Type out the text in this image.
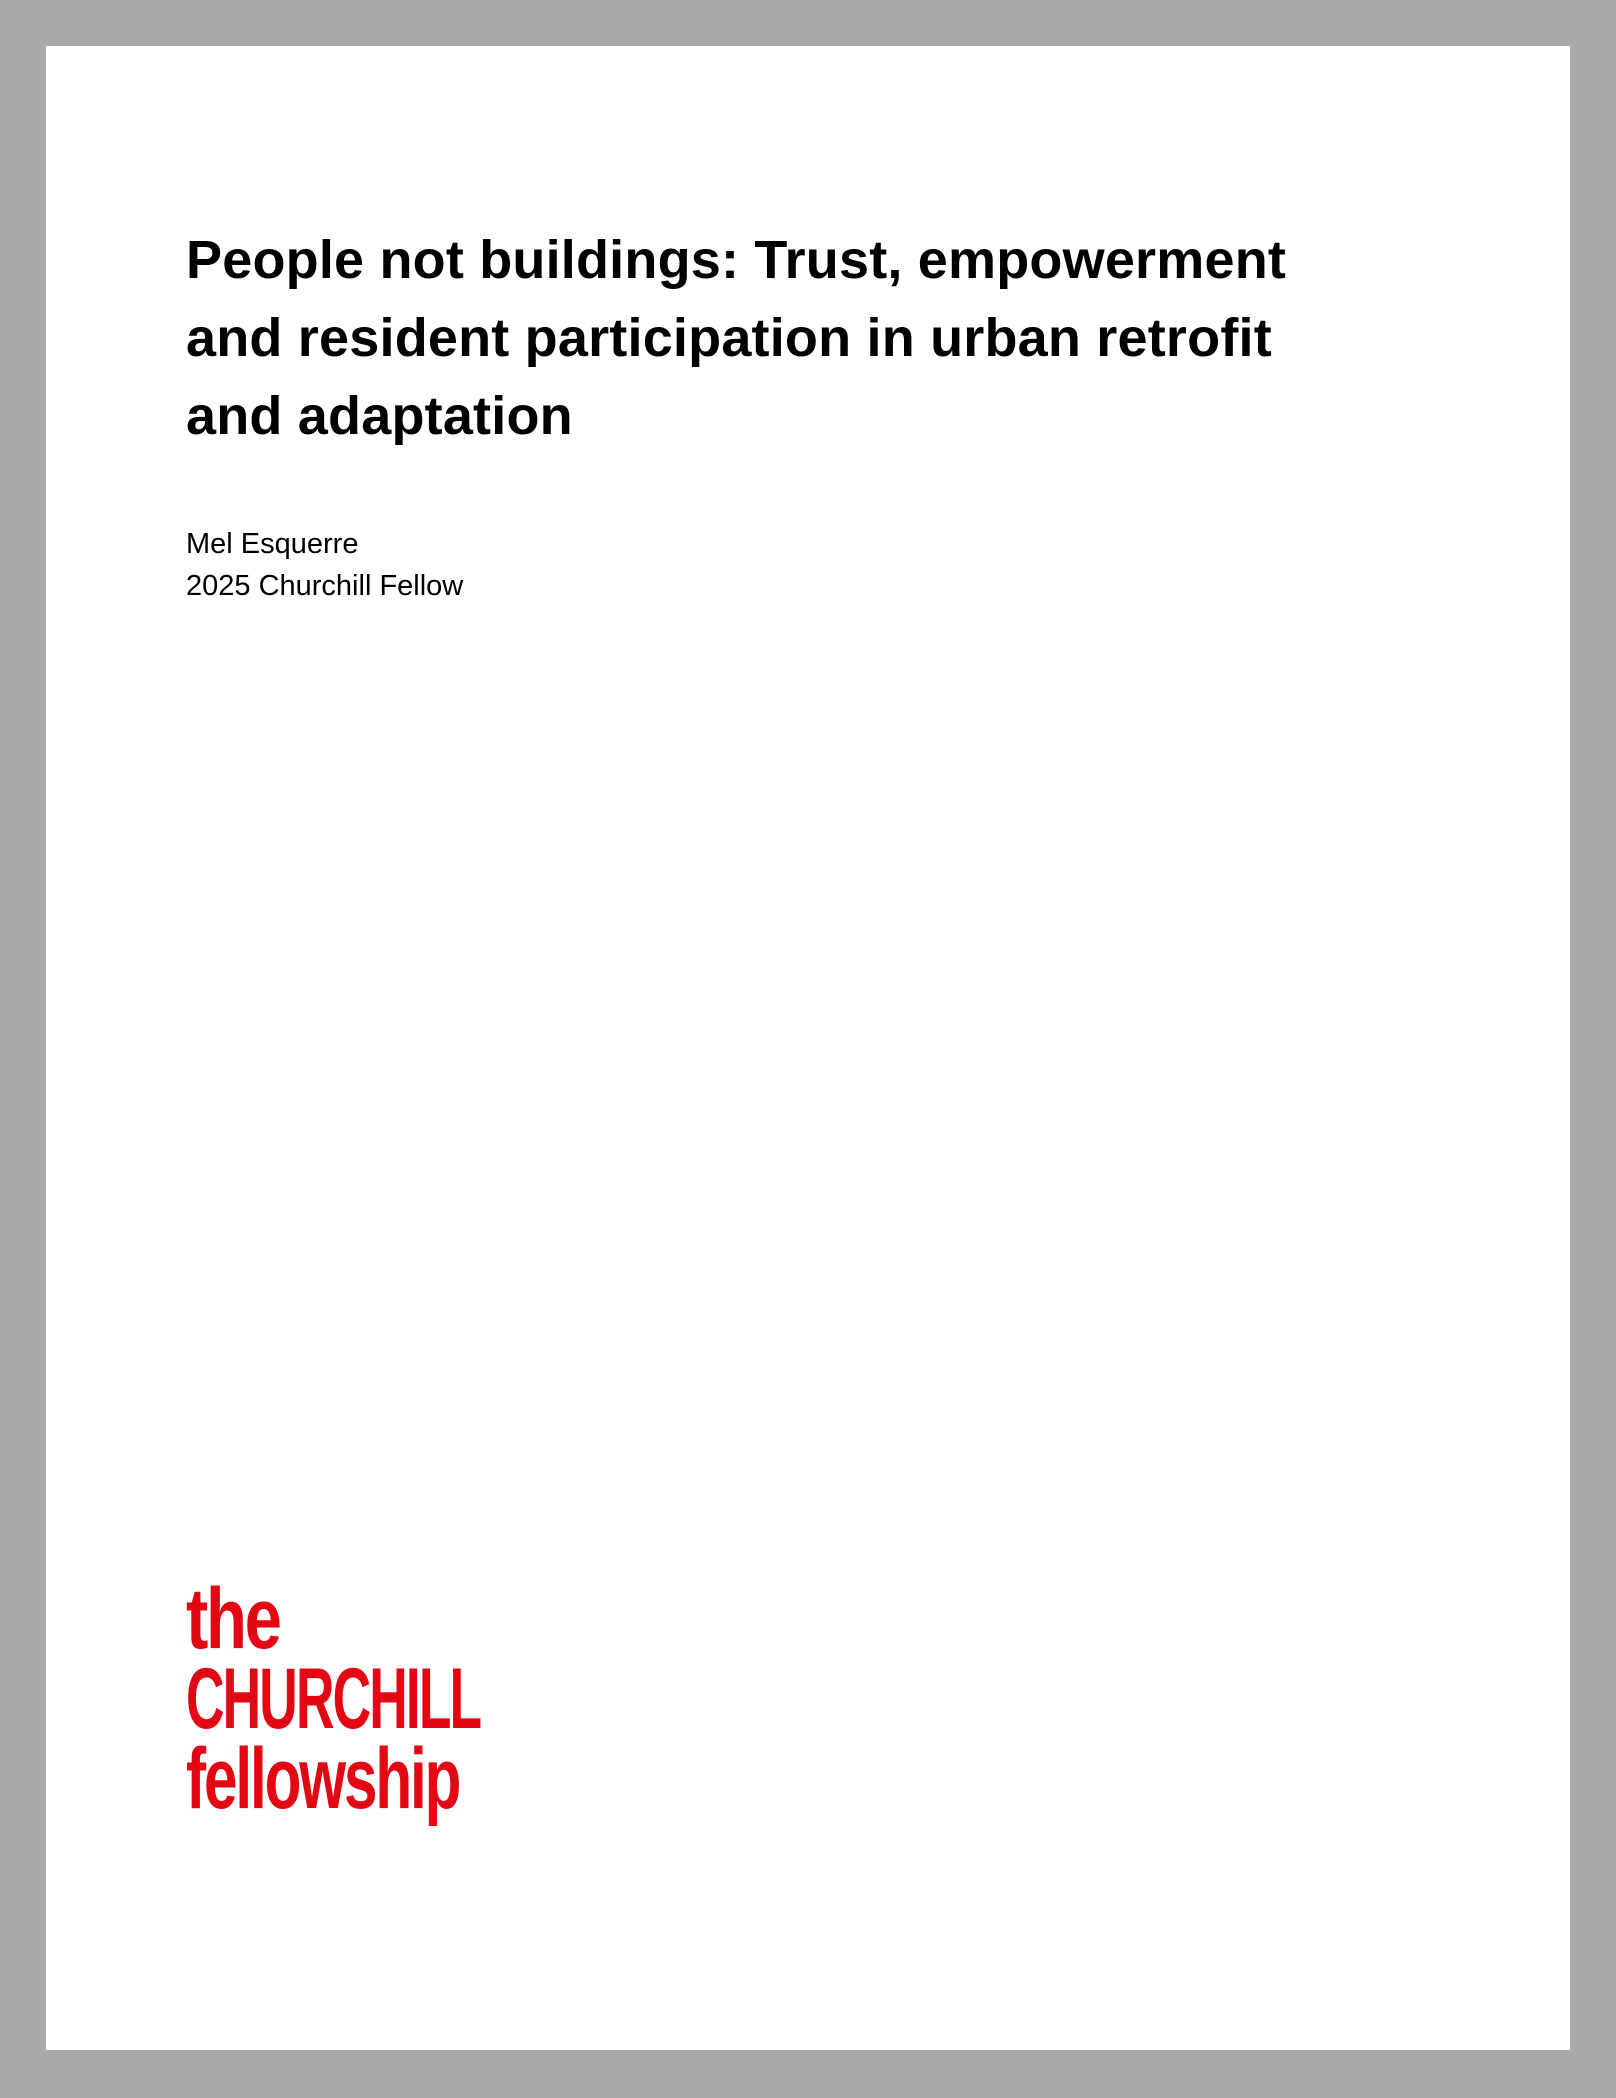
People not buildings: Trust, empowerment
and resident participation in urban retrofit
and adaptation
Mel Esquerre
2025 Churchill Fellow
the
CHURCHILL
fellowship
